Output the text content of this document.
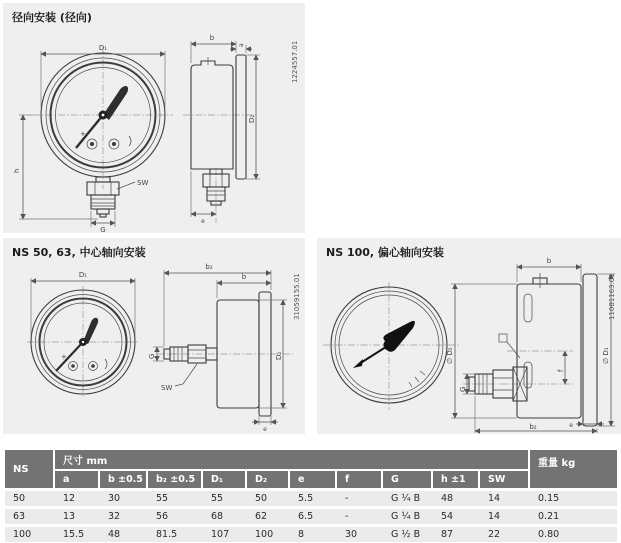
径向安装 (径向)
+
D₁
h
SW
G
b
a
D₂
e
1224557.01
NS 50, 63, 中心轴向安装
+
D₁
b₂
b
G
SW
D₂
e
31059155.01
NS 100, 偏心轴向安装
b
∅ D₂
G
f
∅ D₁
e
b₂
11081163.01
NS
尺寸 mm	重量 kg
a	b ±0.5	b₂ ±0.5	D₁	D₂	e	f	G	h ±1	SW
50	12	30	55	55	50	5.5	-	G ¼ B	48	14	0.15
63	13	32	56	68	62	6.5	-	G ¼ B	54	14	0.21
100	15.5	48	81.5	107	100	8	30	G ½ B	87	22	0.80
